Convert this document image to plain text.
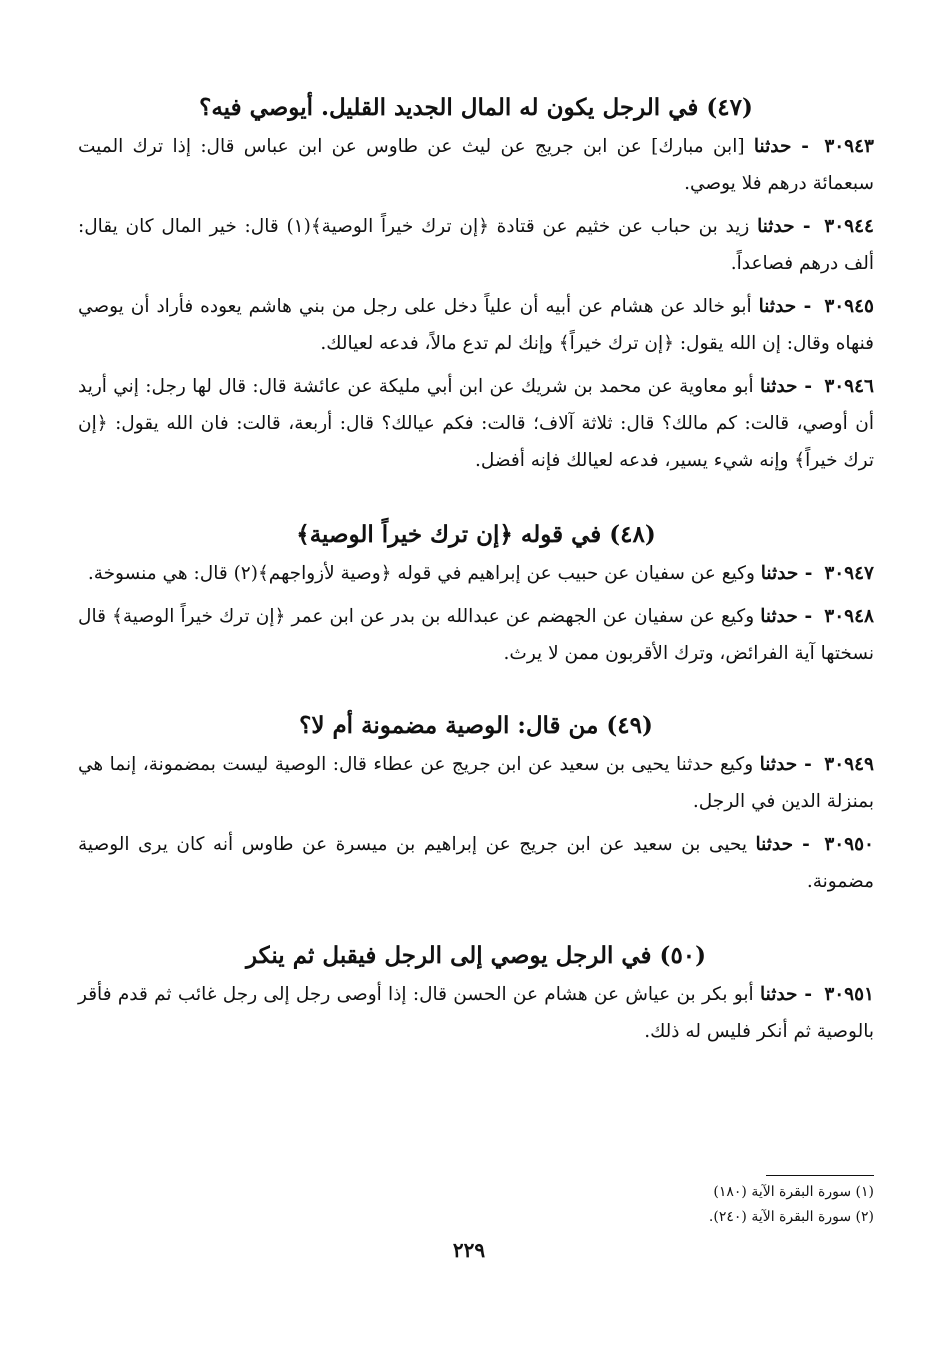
(٤٧) في الرجل يكون له المال الجديد القليل. أيوصي فيه؟

٣٠٩٤٣ - حدثنا [ابن مبارك] عن ابن جريج عن ليث عن طاوس عن ابن عباس قال: إذا ترك الميت سبعمائة درهم فلا يوصي.

٣٠٩٤٤ - حدثنا زيد بن حباب عن خثيم عن قتادة ﴿إن ترك خيراً الوصية﴾(١) قال: خير المال كان يقال: ألف درهم فصاعداً.

٣٠٩٤٥ - حدثنا أبو خالد عن هشام عن أبيه أن علياً دخل على رجل من بني هاشم يعوده فأراد أن يوصي فنهاه وقال: إن الله يقول: ﴿إن ترك خيراً﴾ وإنك لم تدع مالاً، فدعه لعيالك.

٣٠٩٤٦ - حدثنا أبو معاوية عن محمد بن شريك عن ابن أبي مليكة عن عائشة قال: قال لها رجل: إني أريد أن أوصي، قالت: كم مالك؟ قال: ثلاثة آلاف؛ قالت: فكم عيالك؟ قال: أربعة، قالت: فان الله يقول: ﴿إن ترك خيراً﴾ وإنه شيء يسير، فدعه لعيالك فإنه أفضل.

(٤٨) في قوله ﴿إن ترك خيراً الوصية﴾

٣٠٩٤٧ - حدثنا وكيع عن سفيان عن حبيب عن إبراهيم في قوله ﴿وصية لأزواجهم﴾(٢) قال: هي منسوخة.

٣٠٩٤٨ - حدثنا وكيع عن سفيان عن الجهضم عن عبدالله بن بدر عن ابن عمر ﴿إن ترك خيراً الوصية﴾ قال نسختها آية الفرائض، وترك الأقربون ممن لا يرث.

(٤٩) من قال: الوصية مضمونة أم لا؟

٣٠٩٤٩ - حدثنا وكيع حدثنا يحيى بن سعيد عن ابن جريج عن عطاء قال: الوصية ليست بمضمونة، إنما هي بمنزلة الدين في الرجل.

٣٠٩٥٠ - حدثنا يحيى بن سعيد عن ابن جريج عن إبراهيم بن ميسرة عن طاوس أنه كان يرى الوصية مضمونة.

(٥٠) في الرجل يوصي إلى الرجل فيقبل ثم ينكر

٣٠٩٥١ - حدثنا أبو بكر بن عياش عن هشام عن الحسن قال: إذا أوصى رجل إلى رجل غائب ثم قدم فأقر بالوصية ثم أنكر فليس له ذلك.

(١) سورة البقرة الآية (١٨٠)

(٢) سورة البقرة الآية (٢٤٠).

٢٢٩
